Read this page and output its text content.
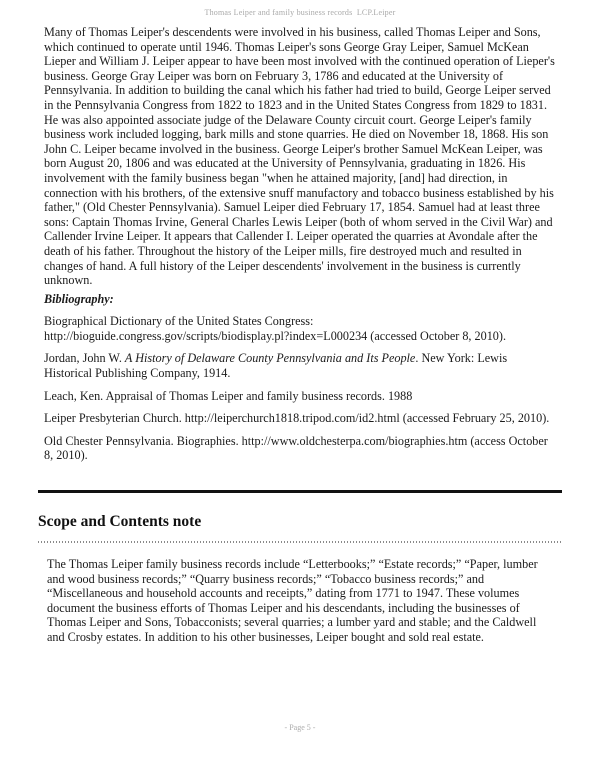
Thomas Leiper and family business records  LCP.Leiper

Many of Thomas Leiper's descendents were involved in his business, called Thomas Leiper and Sons, which continued to operate until 1946. Thomas Leiper's sons George Gray Leiper, Samuel McKean Lieper and William J. Leiper appear to have been most involved with the continued operation of Lieper's business. George Gray Leiper was born on February 3, 1786 and educated at the University of Pennsylvania. In addition to building the canal which his father had tried to build, George Leiper served in the Pennsylvania Congress from 1822 to 1823 and in the United States Congress from 1829 to 1831. He was also appointed associate judge of the Delaware County circuit court. George Leiper's family business work included logging, bark mills and stone quarries. He died on November 18, 1868. His son John C. Leiper became involved in the business. George Leiper's brother Samuel McKean Leiper, was born August 20, 1806 and was educated at the University of Pennsylvania, graduating in 1826. His involvement with the family business began "when he attained majority, [and] had direction, in connection with his brothers, of the extensive snuff manufactory and tobacco business established by his father," (Old Chester Pennsylvania). Samuel Leiper died February 17, 1854. Samuel had at least three sons: Captain Thomas Irvine, General Charles Lewis Leiper (both of whom served in the Civil War) and Callender Irvine Leiper. It appears that Callender I. Leiper operated the quarries at Avondale after the death of his father. Throughout the history of the Leiper mills, fire destroyed much and resulted in changes of hand. A full history of the Leiper descendents' involvement in the business is currently unknown.

Bibliography:

Biographical Dictionary of the United States Congress: http://bioguide.congress.gov/scripts/biodisplay.pl?index=L000234 (accessed October 8, 2010).

Jordan, John W. A History of Delaware County Pennsylvania and Its People. New York: Lewis Historical Publishing Company, 1914.

Leach, Ken. Appraisal of Thomas Leiper and family business records. 1988

Leiper Presbyterian Church. http://leiperchurch1818.tripod.com/id2.html (accessed February 25, 2010).

Old Chester Pennsylvania. Biographies. http://www.oldchesterpa.com/biographies.htm (access October 8, 2010).

Scope and Contents note

The Thomas Leiper family business records include “Letterbooks;” “Estate records;” “Paper, lumber and wood business records;” “Quarry business records;” “Tobacco business records;” and “Miscellaneous and household accounts and receipts,” dating from 1771 to 1947. These volumes document the business efforts of Thomas Leiper and his descendants, including the businesses of Thomas Leiper and Sons, Tobacconists; several quarries; a lumber yard and stable; and the Caldwell and Crosby estates. In addition to his other businesses, Leiper bought and sold real estate.

- Page 5 -
